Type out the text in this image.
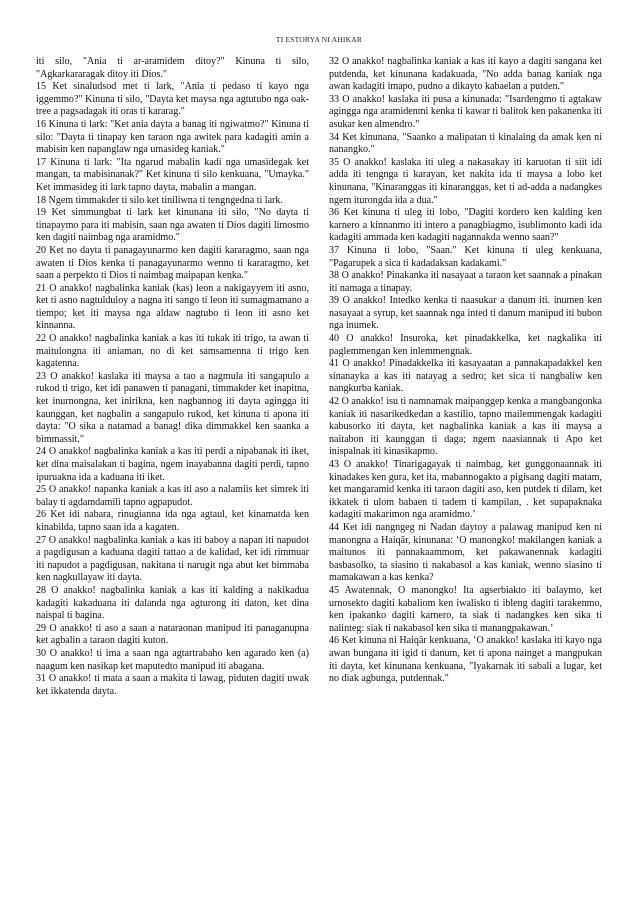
TI ESTORYA NI AHIKAR

iti silo, "Ania ti ar-aramidem ditoy?" Kinuna ti silo, "Agkarkararagak ditoy iti Dios."

15 Ket sinaludsod met ti lark, "Ania ti pedaso ti kayo nga iggemmo?" Kinuna ti silo, "Dayta ket maysa nga agtutubo nga oak-tree a pagsadagak iti oras ti kararag."

16 Kinuna ti lark: "Ket ania dayta a banag iti ngiwatmo?" Kinuna ti silo: "Dayta ti tinapay ken taraon nga awitek para kadagiti amin a mabisin ken napanglaw nga umasideg kaniak."

17 Kinuna ti lark: "Ita ngarud mabalin kadi nga umasidegak ket mangan, ta mabisinanak?" Ket kinuna ti silo kenkuana, "Umayka." Ket immasideg iti lark tapno dayta, mabalin a mangan.

18 Ngem timmakder ti silo ket tiniliwna ti tengngedna ti lark.

19 Ket simmungbat ti lark ket kinunana iti silo, "No dayta ti tinapaymo para iti mabisin, saan nga awaten ti Dios dagiti limosmo ken dagiti naimbag nga aramidmo."

20 Ket no dayta ti panagayunarmo ken dagiti kararagmo, saan nga awaten ti Dios kenka ti panagayunarmo wenno ti kararagmo, ket saan a perpekto ti Dios ti naimbag maipapan kenka."

21 O anakko! nagbalinka kaniak (kas) leon a nakigayyem iti asno, ket ti asno nagtulduloy a nagna iti sango ti leon iti sumagmamano a tiempo; ket iti maysa nga aldaw nagtubo ti leon iti asno ket kinnanna.

22 O anakko! nagbalinka kaniak a kas iti tukak iti trigo, ta awan ti maitulongna iti aniaman, no di ket samsamenna ti trigo ken kagatenna.

23 O anakko! kaslaka iti maysa a tao a nagmula iti sangapulo a rukod ti trigo, ket idi panawen ti panagani, timmakder ket inapitna, ket inurnongna, ket inirikna, ken nagbannog iti dayta agingga iti kaunggan, ket nagbalin a sangapulo rukod, ket kinuna ti apona iti dayta: "O sika a natamad a banag! dika dimmakkel ken saanka a bimmassit."

24 O anakko! nagbalinka kaniak a kas iti perdi a nipabanak iti iket, ket dina maisalakan ti bagina, ngem inayabanna dagiti perdi, tapno ipuruakna ida a kaduana iti iket.

25 O anakko! napanka kaniak a kas iti aso a nalamiis ket simrek iti balay ti agdamdamili tapno agpapudot.

26 Ket idi nabara, rinugianna ida nga agtaul, ket kinamatda ken kinabilda, tapno saan ida a kagaten.

27 O anakko! nagbalinka kaniak a kas iti baboy a napan iti napudot a pagdigusan a kaduana dagiti tattao a de kalidad, ket idi rimmuar iti napudot a pagdigusan, nakitana ti narugit nga abut ket bimmaba ken nagkullayaw iti dayta.

28 O anakko! nagbalinka kaniak a kas iti kalding a nakikadua kadagiti kakaduana iti dalanda nga agturong iti daton, ket dina naispal ti bagina.

29 O anakko! ti aso a saan a nataraonan manipud iti panaganupna ket agbalin a taraon dagiti kuton.

30 O anakko! ti ima a saan nga agtartrabaho ken agarado ken (a) naagum ken nasikap ket maputedto manipud iti abagana.

31 O anakko! ti mata a saan a makita ti lawag, piduten dagiti uwak ket ikkatenda dayta.

32 O anakko! nagbalinka kaniak a kas iti kayo a dagiti sangana ket putdenda, ket kinunana kadakuada, "No adda banag kaniak nga awan kadagiti imapo, pudno a dikayto kabaelan a putden."

33 O anakko! kaslaka iti pusa a kinunada: "Isardengmo ti agtakaw agingga nga aramidenmi kenka ti kawar ti balitok ken pakanenka iti asukar ken almendro."

34 Ket kinunana, "Saanko a malipatan ti kinalaing da amak ken ni nanangko."

35 O anakko! kaslaka iti uleg a nakasakay iti karuotan ti siit idi adda iti tengnga ti karayan, ket nakita ida ti maysa a lobo ket kinunana, "Kinaranggas iti kinaranggas, ket ti ad-adda a nadangkes ngem iturongda ida a dua."

36 Ket kinuna ti uleg iti lobo, "Dagiti kordero ken kalding ken karnero a kinnanmo iti intero a panagbiagmo, isublimonto kadi ida kadagiti ammada ken kadagiti nagannakda wenno saan?"

37 Kinuna ti lobo, "Saan." Ket kinuna ti uleg kenkuana, "Pagarupek a sica ti kadadaksan kadakami."

38 O anakko! Pinakanka iti nasayaat a taraon ket saannak a pinakan iti namaga a tinapay.

39 O anakko! Intedko kenka ti naasukar a danum iti. inumen ken nasayaat a syrup, ket saannak nga inted ti danum manipud iti bubon nga inumek.

40 O anakko! Insuroka, ket pinadakkelka, ket nagkalika iti paglemmengan ken inlemmengnak.

41 O anakko! Pinadakkelka iti kasayaatan a pannakapadakkel ken sinanayka a kas iti natayag a sedro; ket sica ti nangbaliw ken nangkurba kaniak.

42 O anakko! isu ti namnamak maipanggep kenka a mangbangonka kaniak iti nasarikedkedan a kastilio, tapno mailemmengak kadagiti kabusorko iti dayta, ket nagbalinka kaniak a kas iti maysa a naitabon iti kaunggan ti daga; ngem naasiannak ti Apo ket inispalnak iti kinasikapmo.

43 O anakko! Tinarigagayak ti naimbag, ket gunggonaannak iti kinadakes ken gura, ket ita, mabannogakto a pigisang dagiti matam, ket mangaramid kenka iti taraon dagiti aso, ken putdek ti dilam, ket ikkatek ti ulom babaen ti tadem ti kampilan, . ket supapaknaka kadagiti makarimon nga aramidmo.’

44 Ket idi nangngeg ni Nadan daytoy a palawag manipud ken ni manongna a Haiqâr, kinunana: ‘O manongko! makilangen kaniak a maitunos iti pannakaammom, ket pakawanennak kadagiti basbasolko, ta siasino ti nakabasol a kas kaniak, wenno siasino ti mamakawan a kas kenka?

45 Awatennak, O manongko! Ita agserbiakto iti balaymo, ket urnosekto dagiti kabaliom ken iwalisko ti ibleng dagiti tarakenmo, ken ipakanko dagiti karnero, ta siak ti nadangkes ken sika ti nalinteg: siak ti nakabasol ken sika ti manangpakawan.’

46 Ket kinuna ni Haiqâr kenkuana, ‘O anakko! kaslaka iti kayo nga awan bungana iti igid ti danum, ket ti apona nainget a mangpukan iti dayta, ket kinunana kenkuana, "Iyakarnak iti sabali a lugar, ket no diak agbunga, putdennak."
